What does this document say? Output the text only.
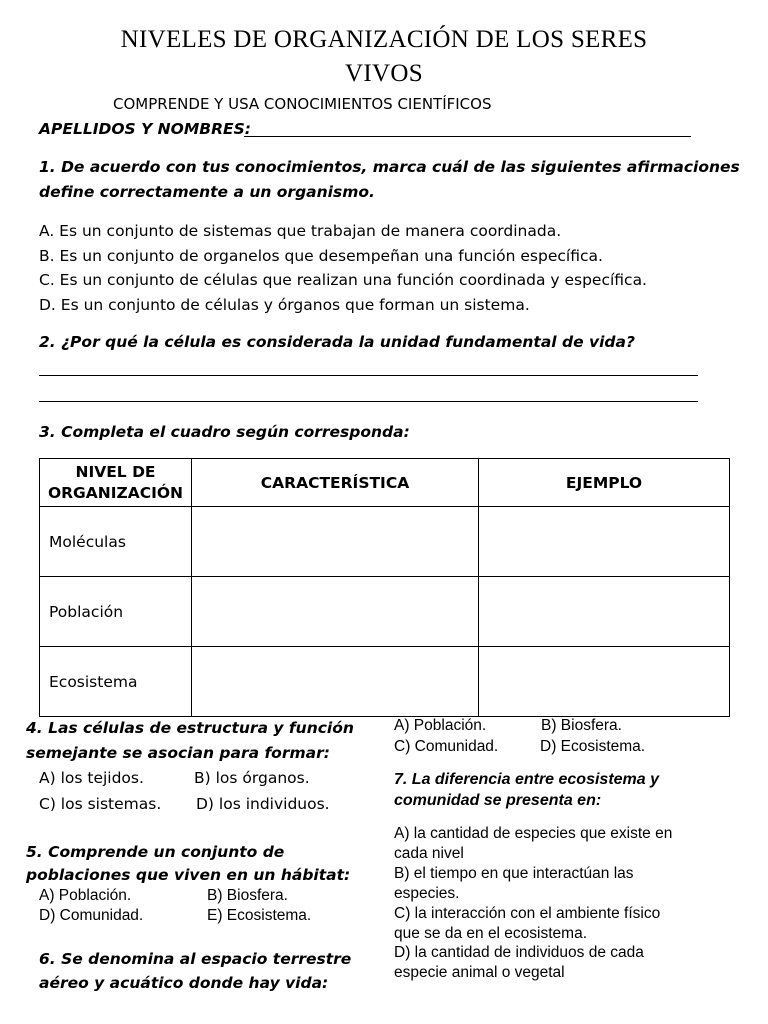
NIVELES DE ORGANIZACIÓN DE LOS SERES
VIVOS
COMPRENDE Y USA CONOCIMIENTOS CIENTÍFICOS
APELLIDOS Y NOMBRES:
1. De acuerdo con tus conocimientos, marca cuál de las siguientes afirmaciones
define correctamente a un organismo.
A. Es un conjunto de sistemas que trabajan de manera coordinada.
B. Es un conjunto de organelos que desempeñan una función específica.
C. Es un conjunto de células que realizan una función coordinada y específica.
D. Es un conjunto de células y órganos que forman un sistema.
2. ¿Por qué la célula es considerada la unidad fundamental de vida?
3. Completa el cuadro según corresponda:
NIVEL DE ORGANIZACIÓN	CARACTERÍSTICA	EJEMPLO
Moléculas		
Población		
Ecosistema		
4. Las células de estructura y función
semejante se asocian para formar:
A) los tejidos.	B) los órganos.
C) los sistemas. D) los individuos.
5. Comprende un conjunto de
poblaciones que viven en un hábitat:
A) Población.	B) Biosfera.
D) Comunidad.	E) Ecosistema.
6. Se denomina al espacio terrestre
aéreo y acuático donde hay vida:
A) Población.	B) Biosfera.
C) Comunidad.	D) Ecosistema.
7. La diferencia entre ecosistema y
comunidad se presenta en:
A) la cantidad de especies que existe en
cada nivel
B) el tiempo en que interactúan las
especies.
C) la interacción con el ambiente físico
que se da en el ecosistema.
D) la cantidad de individuos de cada
especie animal o vegetal
